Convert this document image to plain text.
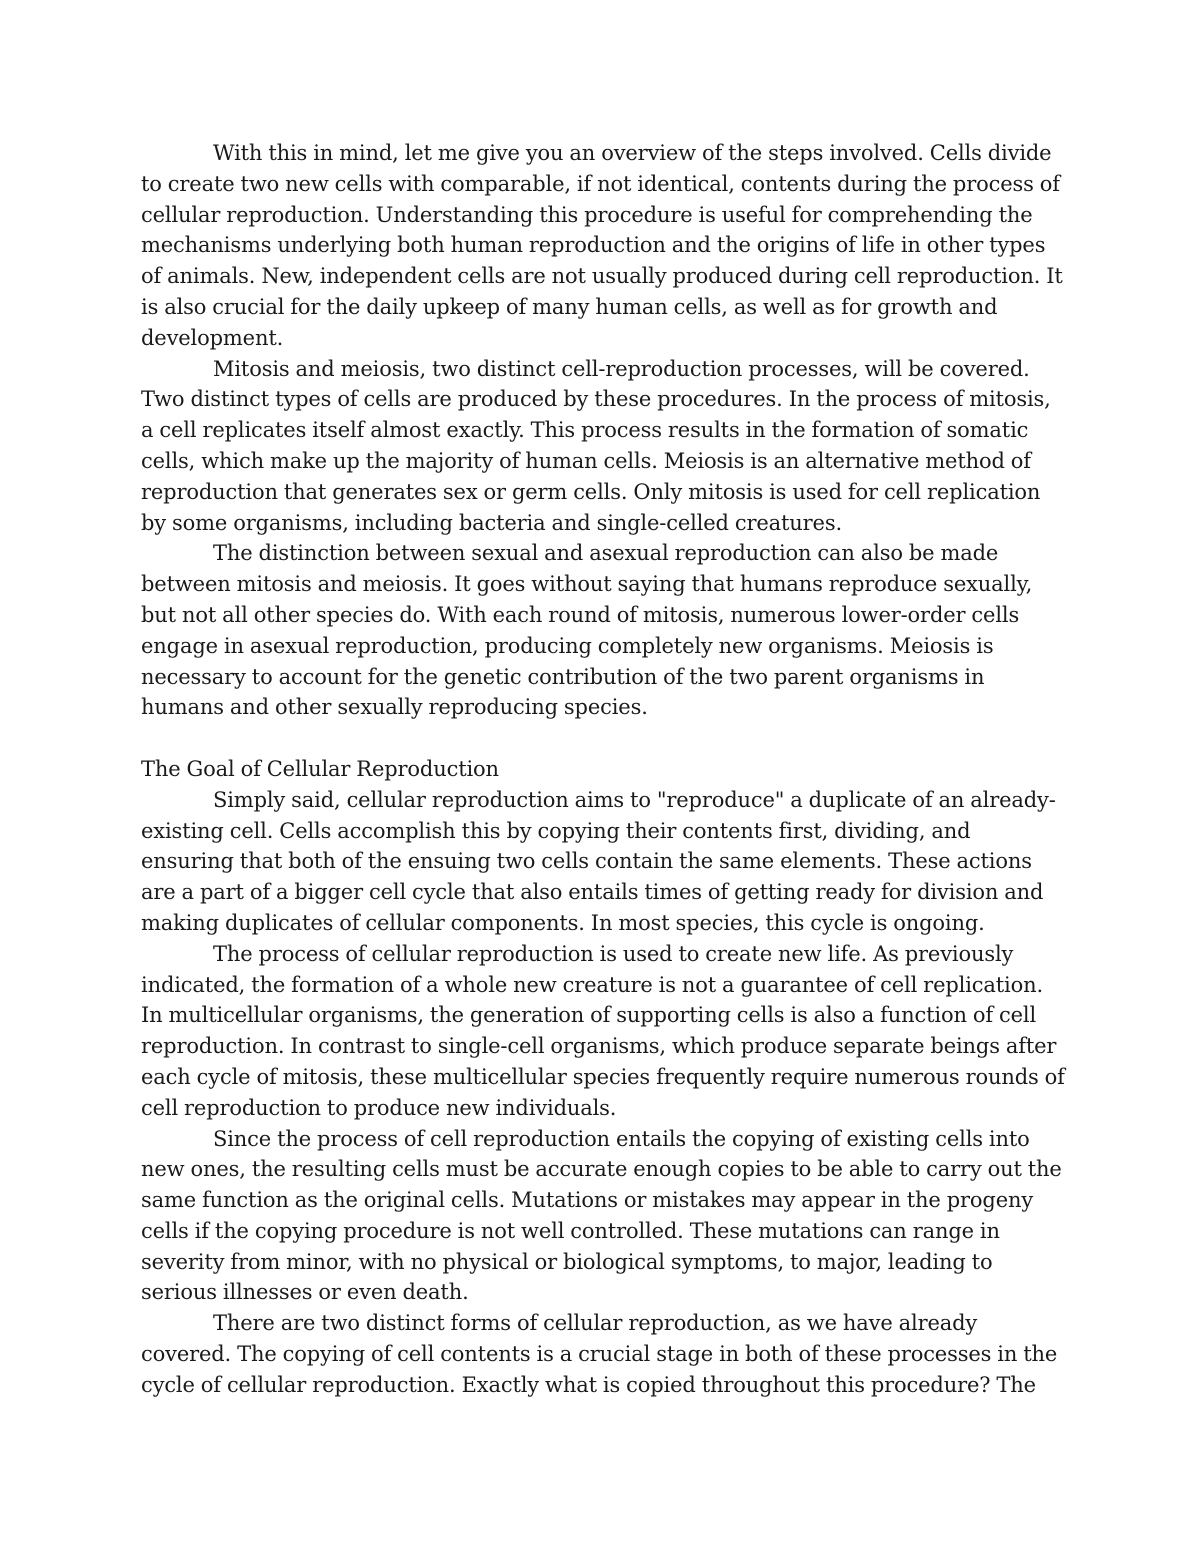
With this in mind, let me give you an overview of the steps involved. Cells divide to create two new cells with comparable, if not identical, contents during the process of cellular reproduction. Understanding this procedure is useful for comprehending the mechanisms underlying both human reproduction and the origins of life in other types of animals. New, independent cells are not usually produced during cell reproduction. It is also crucial for the daily upkeep of many human cells, as well as for growth and development.

Mitosis and meiosis, two distinct cell-reproduction processes, will be covered. Two distinct types of cells are produced by these procedures. In the process of mitosis, a cell replicates itself almost exactly. This process results in the formation of somatic cells, which make up the majority of human cells. Meiosis is an alternative method of reproduction that generates sex or germ cells. Only mitosis is used for cell replication by some organisms, including bacteria and single-celled creatures.

The distinction between sexual and asexual reproduction can also be made between mitosis and meiosis. It goes without saying that humans reproduce sexually, but not all other species do. With each round of mitosis, numerous lower-order cells engage in asexual reproduction, producing completely new organisms. Meiosis is necessary to account for the genetic contribution of the two parent organisms in humans and other sexually reproducing species.

The Goal of Cellular Reproduction

Simply said, cellular reproduction aims to "reproduce" a duplicate of an already-existing cell. Cells accomplish this by copying their contents first, dividing, and ensuring that both of the ensuing two cells contain the same elements. These actions are a part of a bigger cell cycle that also entails times of getting ready for division and making duplicates of cellular components. In most species, this cycle is ongoing.

The process of cellular reproduction is used to create new life. As previously indicated, the formation of a whole new creature is not a guarantee of cell replication. In multicellular organisms, the generation of supporting cells is also a function of cell reproduction. In contrast to single-cell organisms, which produce separate beings after each cycle of mitosis, these multicellular species frequently require numerous rounds of cell reproduction to produce new individuals.

Since the process of cell reproduction entails the copying of existing cells into new ones, the resulting cells must be accurate enough copies to be able to carry out the same function as the original cells. Mutations or mistakes may appear in the progeny cells if the copying procedure is not well controlled. These mutations can range in severity from minor, with no physical or biological symptoms, to major, leading to serious illnesses or even death.

There are two distinct forms of cellular reproduction, as we have already covered. The copying of cell contents is a crucial stage in both of these processes in the cycle of cellular reproduction. Exactly what is copied throughout this procedure? The
